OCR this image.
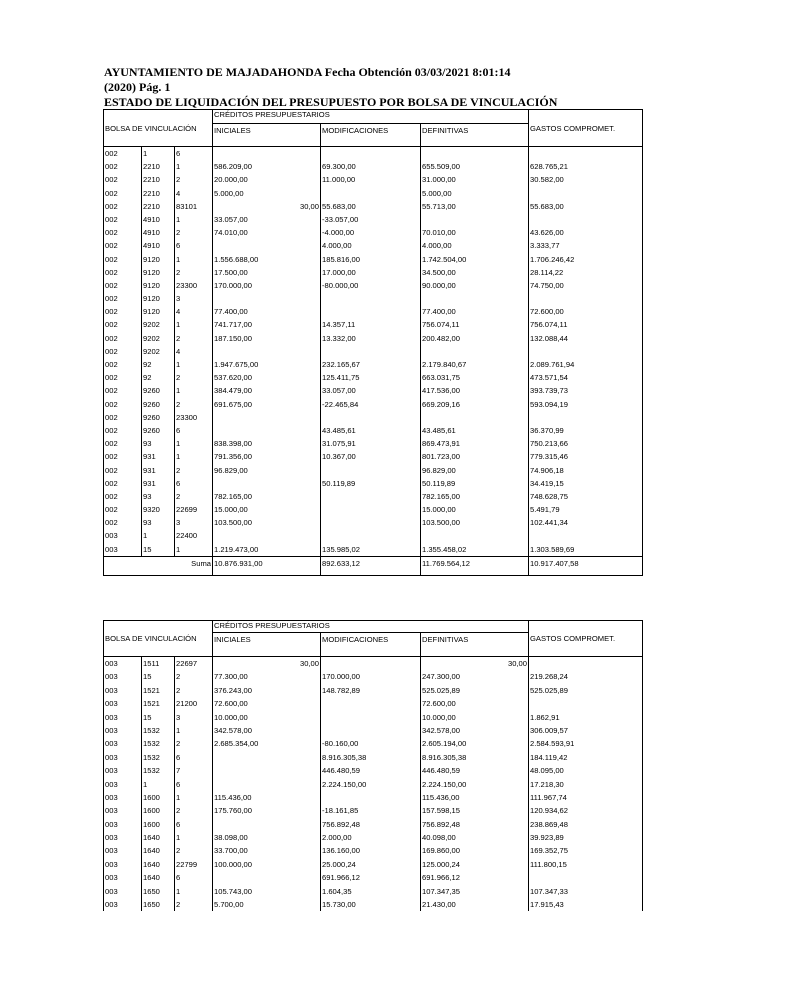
AYUNTAMIENTO DE MAJADAHONDA Fecha Obtención 03/03/2021 8:01:14
(2020) Pág. 1
ESTADO DE LIQUIDACIÓN DEL PRESUPUESTO POR BOLSA DE VINCULACIÓN
BOLSA DE VINCULACIÓN			CRÉDITOS PRESUPUESTARIOS			GASTOS COMPROMET.
			INICIALES	MODIFICACIONES	DEFINITIVAS	
002	1	6				
002	2210	1	586.209,00	69.300,00	655.509,00	628.765,21
002	2210	2	20.000,00	11.000,00	31.000,00	30.582,00
002	2210	4	5.000,00		5.000,00	
002	2210	83101	30,00	55.683,00	55.713,00	55.683,00
002	4910	1	33.057,00	-33.057,00		
002	4910	2	74.010,00	-4.000,00	70.010,00	43.626,00
002	4910	6		4.000,00	4.000,00	3.333,77
002	9120	1	1.556.688,00	185.816,00	1.742.504,00	1.706.246,42
002	9120	2	17.500,00	17.000,00	34.500,00	28.114,22
002	9120	23300	170.000,00	-80.000,00	90.000,00	74.750,00
002	9120	3				
002	9120	4	77.400,00		77.400,00	72.600,00
002	9202	1	741.717,00	14.357,11	756.074,11	756.074,11
002	9202	2	187.150,00	13.332,00	200.482,00	132.088,44
002	9202	4				
002	92	1	1.947.675,00	232.165,67	2.179.840,67	2.089.761,94
002	92	2	537.620,00	125.411,75	663.031,75	473.571,54
002	9260	1	384.479,00	33.057,00	417.536,00	393.739,73
002	9260	2	691.675,00	-22.465,84	669.209,16	593.094,19
002	9260	23300				
002	9260	6		43.485,61	43.485,61	36.370,99
002	93	1	838.398,00	31.075,91	869.473,91	750.213,66
002	931	1	791.356,00	10.367,00	801.723,00	779.315,46
002	931	2	96.829,00		96.829,00	74.906,18
002	931	6		50.119,89	50.119,89	34.419,15
002	93	2	782.165,00		782.165,00	748.628,75
002	9320	22699	15.000,00		15.000,00	5.491,79
002	93	3	103.500,00		103.500,00	102.441,34
003	1	22400				
003	15	1	1.219.473,00	135.985,02	1.355.458,02	1.303.589,69
Suma			10.876.931,00	892.633,12	11.769.564,12	10.917.407,58
BOLSA DE VINCULACIÓN			CRÉDITOS PRESUPUESTARIOS			GASTOS COMPROMET.
			INICIALES	MODIFICACIONES	DEFINITIVAS	
003	1511	22697	30,00		30,00	
003	15	2	77.300,00	170.000,00	247.300,00	219.268,24
003	1521	2	376.243,00	148.782,89	525.025,89	525.025,89
003	1521	21200	72.600,00		72.600,00	
003	15	3	10.000,00		10.000,00	1.862,91
003	1532	1	342.578,00		342.578,00	306.009,57
003	1532	2	2.685.354,00	-80.160,00	2.605.194,00	2.584.593,91
003	1532	6		8.916.305,38	8.916.305,38	184.119,42
003	1532	7		446.480,59	446.480,59	48.095,00
003	1	6		2.224.150,00	2.224.150,00	17.218,30
003	1600	1	115.436,00		115.436,00	111.967,74
003	1600	2	175.760,00	-18.161,85	157.598,15	120.934,62
003	1600	6		756.892,48	756.892,48	238.869,48
003	1640	1	38.098,00	2.000,00	40.098,00	39.923,89
003	1640	2	33.700,00	136.160,00	169.860,00	169.352,75
003	1640	22799	100.000,00	25.000,24	125.000,24	111.800,15
003	1640	6		691.966,12	691.966,12	
003	1650	1	105.743,00	1.604,35	107.347,35	107.347,33
003	1650	2	5.700,00	15.730,00	21.430,00	17.915,43
